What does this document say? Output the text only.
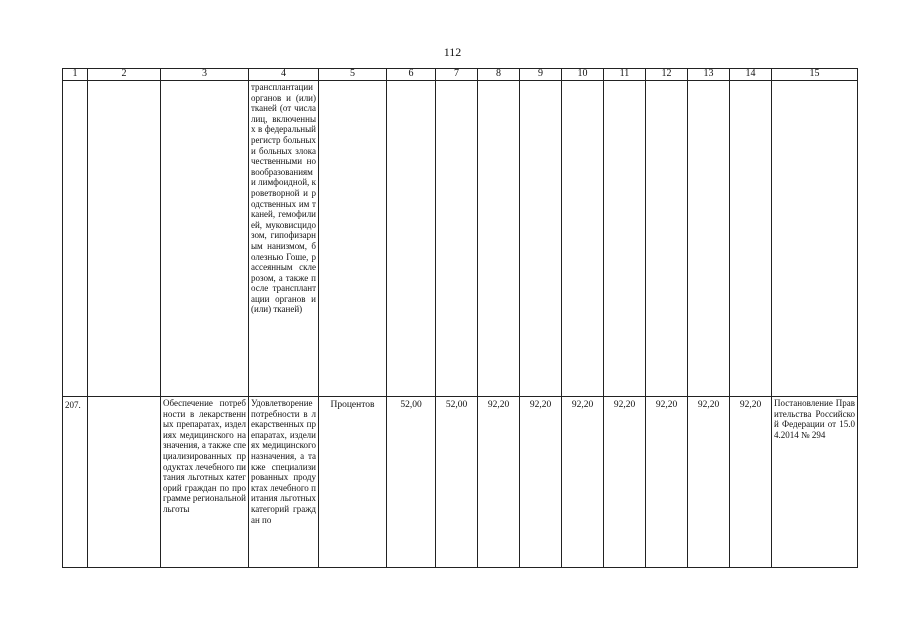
112
1	2	3	4	5	6	7	8	9	10	11	12	13	14	15
			трансплантации органов и (или) тканей (от числа лиц, включенных в федеральный регистр больных и больных злокачественными новообразованиями лимфоидной, кроветворной и родственных им тканей, гемофилией, муковисцидозом, гипофизарным нанизмом, болезнью Гоше, рассеянным склерозом, а также после трансплантации органов и (или) тканей)											
207.		Обеспечение потребности в лекарственных препаратах, изделиях медицинского назначения, а также специализированных продуктах лечебного питания льготных категорий граждан по программе региональной льготы	Удовлетворение потребности в лекарственных препаратах, изделиях медицинского назначения, а также специализированных продуктах лечебного питания льготных категорий граждан по	Процентов	52,00	52,00	92,20	92,20	92,20	92,20	92,20	92,20	92,20	Постановление Правительства Российской Федерации от 15.04.2014 № 294
